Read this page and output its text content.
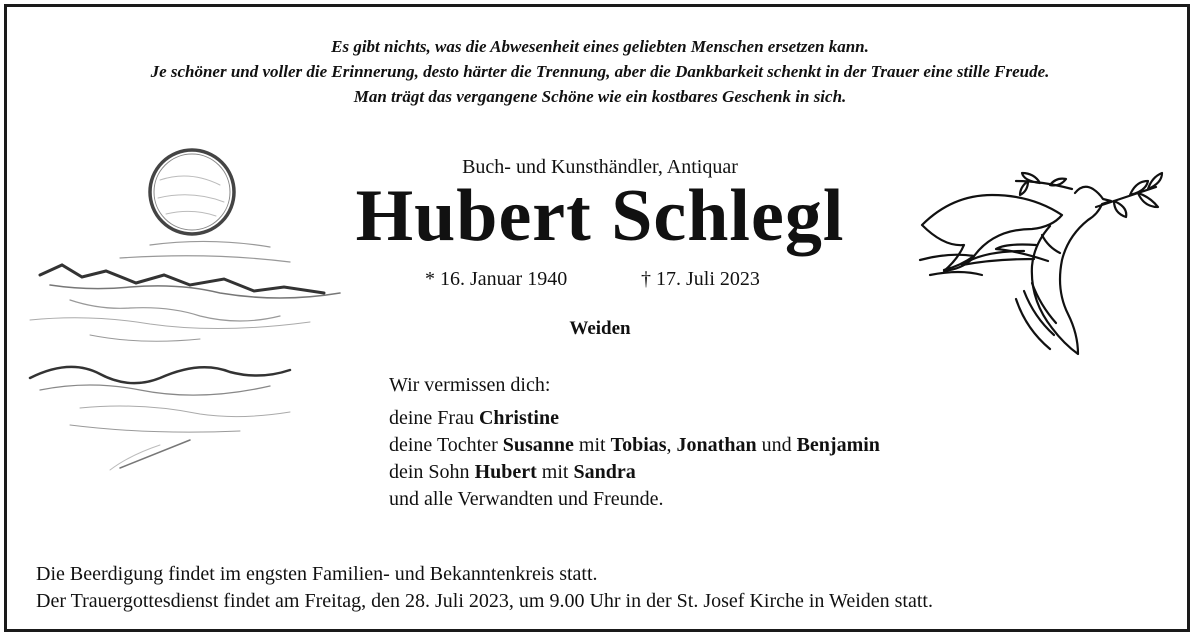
Es gibt nichts, was die Abwesenheit eines geliebten Menschen ersetzen kann.
Je schöner und voller die Erinnerung, desto härter die Trennung, aber die Dankbarkeit schenkt in der Trauer eine stille Freude.
Man trägt das vergangene Schöne wie ein kostbares Geschenk in sich.
Buch- und Kunsthändler, Antiquar
Hubert Schlegl
* 16. Januar 1940	† 17. Juli 2023
Weiden
Wir vermissen dich:
deine Frau Christine
deine Tochter Susanne mit Tobias, Jonathan und Benjamin
dein Sohn Hubert mit Sandra
und alle Verwandten und Freunde.
Die Beerdigung findet im engsten Familien- und Bekanntenkreis statt.
Der Trauergottesdienst findet am Freitag, den 28. Juli 2023, um 9.00 Uhr in der St. Josef Kirche in Weiden statt.
